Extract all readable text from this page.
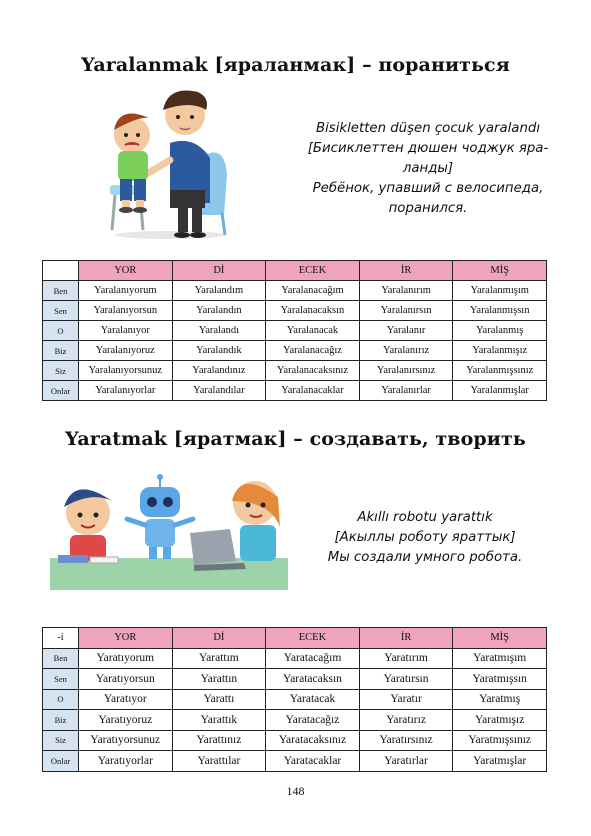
Yaralanmak [яраланмак] – пораниться
Bisikletten düşen çocuk yaralandı
[Бисиклеттен дюшен чоджук яра-
ланды]
Ребёнок, упавший с велосипеда,
поранился.
	YOR	Dİ	ECEK	İR	MİŞ
Ben	Yaralanıyorum	Yaralandım	Yaralanacağım	Yaralanırım	Yaralanmışım
Sen	Yaralanıyorsun	Yaralandın	Yaralanacaksın	Yaralanırsın	Yaralanmışsın
O	Yaralanıyor	Yaralandı	Yaralanacak	Yaralanır	Yaralanmış
Biz	Yaralanıyoruz	Yaralandık	Yaralanacağız	Yaralanırız	Yaralanmışız
Siz	Yaralanıyorsunuz	Yaralandınız	Yaralanacaksınız	Yaralanırsınız	Yaralanmışsınız
Onlar	Yaralanıyorlar	Yaralandılar	Yaralanacaklar	Yaralanırlar	Yaralanmışlar
Yaratmak [яратмак] – создавать, творить
Akıllı robotu yarattık
[Акыллы роботу яраттык]
Мы создали умного робота.
-i	YOR	Dİ	ECEK	İR	MİŞ
Ben	Yaratıyorum	Yarattım	Yaratacağım	Yaratırım	Yaratmışım
Sen	Yaratıyorsun	Yarattın	Yaratacaksın	Yaratırsın	Yaratmışsın
O	Yaratıyor	Yarattı	Yaratacak	Yaratır	Yaratmış
Biz	Yaratıyoruz	Yarattık	Yaratacağız	Yaratırız	Yaratmışız
Siz	Yaratıyorsunuz	Yarattınız	Yaratacaksınız	Yaratırsınız	Yaratmışsınız
Onlar	Yaratıyorlar	Yarattılar	Yaratacaklar	Yaratırlar	Yaratmışlar
148
